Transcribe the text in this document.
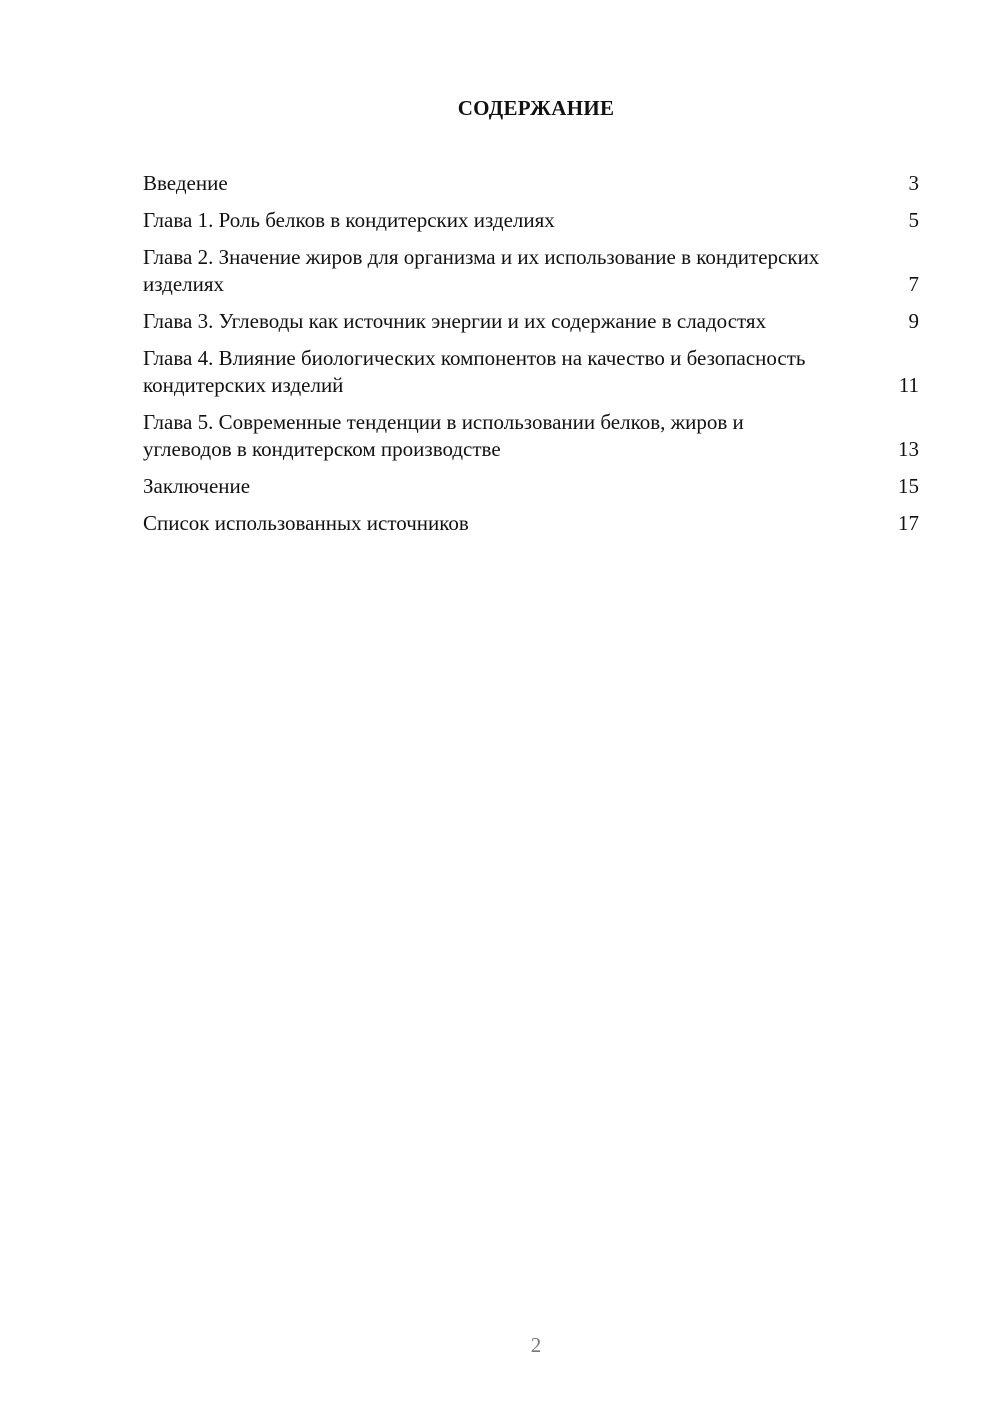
СОДЕРЖАНИЕ
Введение	3
Глава 1. Роль белков в кондитерских изделиях	5
Глава 2. Значение жиров для организма и их использование в кондитерских изделиях	7
Глава 3. Углеводы как источник энергии и их содержание в сладостях	9
Глава 4. Влияние биологических компонентов на качество и безопасность кондитерских изделий	11
Глава 5. Современные тенденции в использовании белков, жиров и углеводов в кондитерском производстве	13
Заключение	15
Список использованных источников	17
2
